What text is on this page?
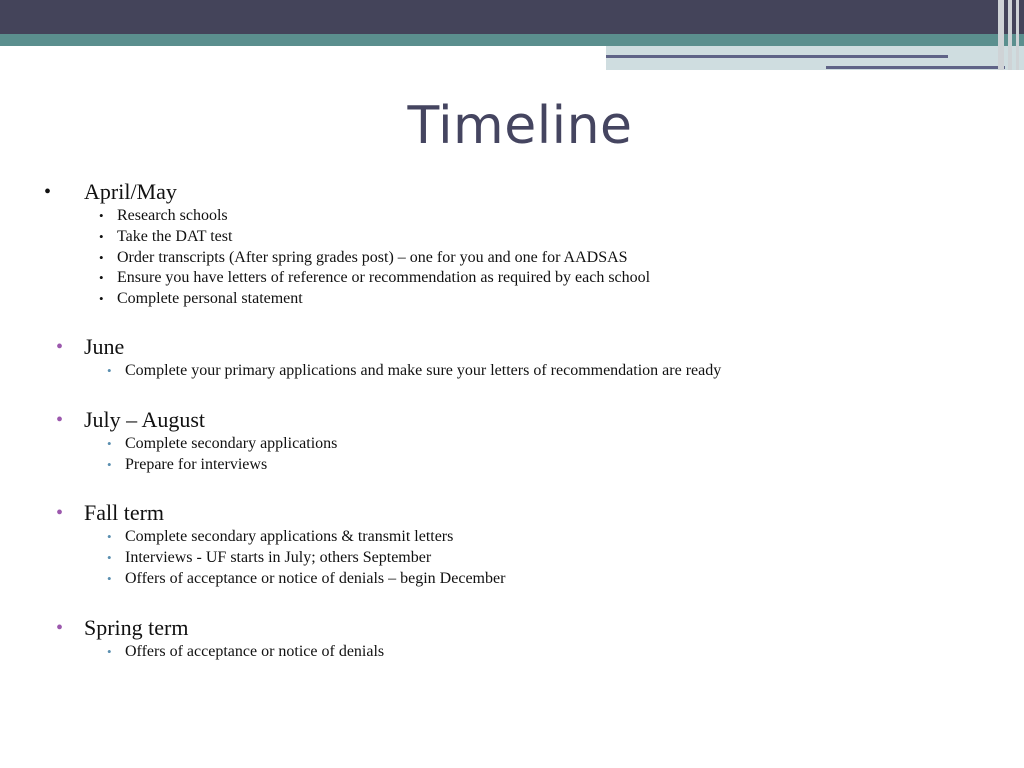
Timeline
• April/May
• Research schools
• Take the DAT test
• Order transcripts (After spring grades post) – one for you and one for AADSAS
• Ensure you have letters of reference or recommendation as required by each school
• Complete personal statement
• June
• Complete your primary applications and make sure your letters of recommendation are ready
• July – August
• Complete secondary applications
• Prepare for interviews
• Fall term
• Complete secondary applications & transmit letters
• Interviews - UF starts in July; others September
• Offers of acceptance or notice of denials – begin December
• Spring term
• Offers of acceptance or notice of denials
